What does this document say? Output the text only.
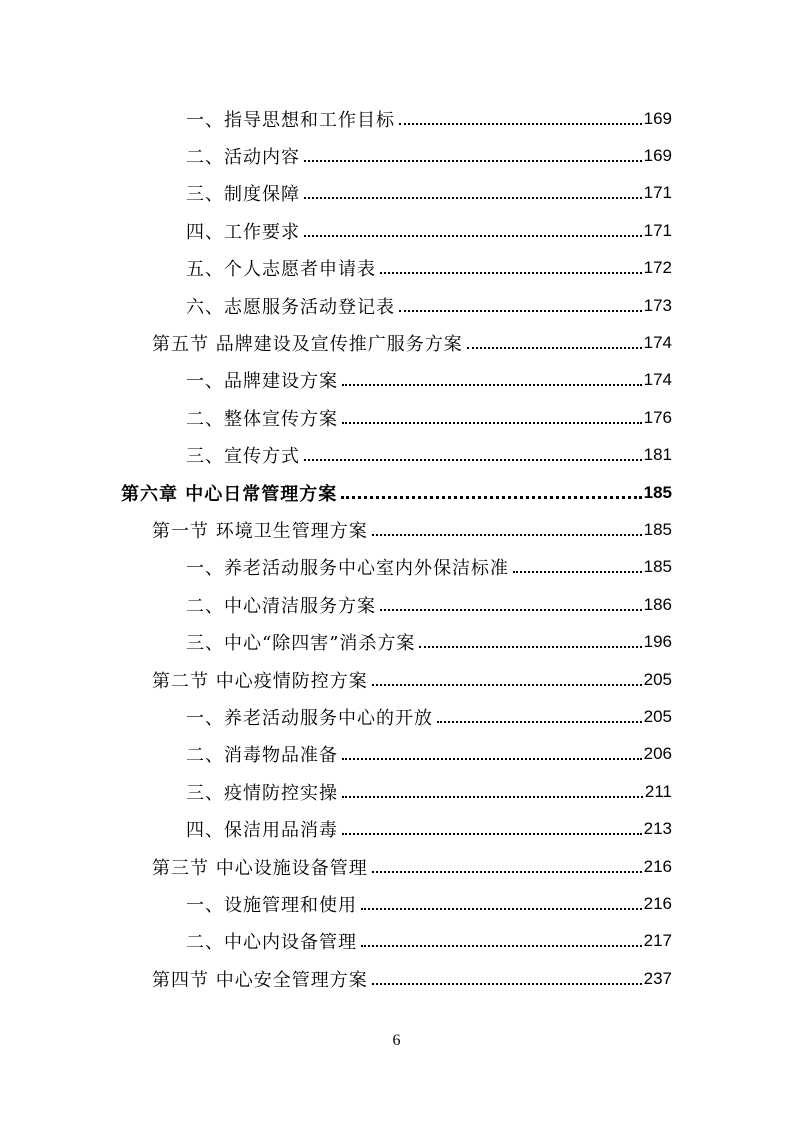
一、指导思想和工作目标	169
二、活动内容	169
三、制度保障	171
四、工作要求	171
五、个人志愿者申请表	172
六、志愿服务活动登记表	173
第五节 品牌建设及宣传推广服务方案	174
一、品牌建设方案	174
二、整体宣传方案	176
三、宣传方式	181
第六章 中心日常管理方案	185
第一节 环境卫生管理方案	185
一、养老活动服务中心室内外保洁标准	185
二、中心清洁服务方案	186
三、中心“除四害”消杀方案	196
第二节 中心疫情防控方案	205
一、养老活动服务中心的开放	205
二、消毒物品准备	206
三、疫情防控实操	211
四、保洁用品消毒	213
第三节 中心设施设备管理	216
一、设施管理和使用	216
二、中心内设备管理	217
第四节 中心安全管理方案	237
6
